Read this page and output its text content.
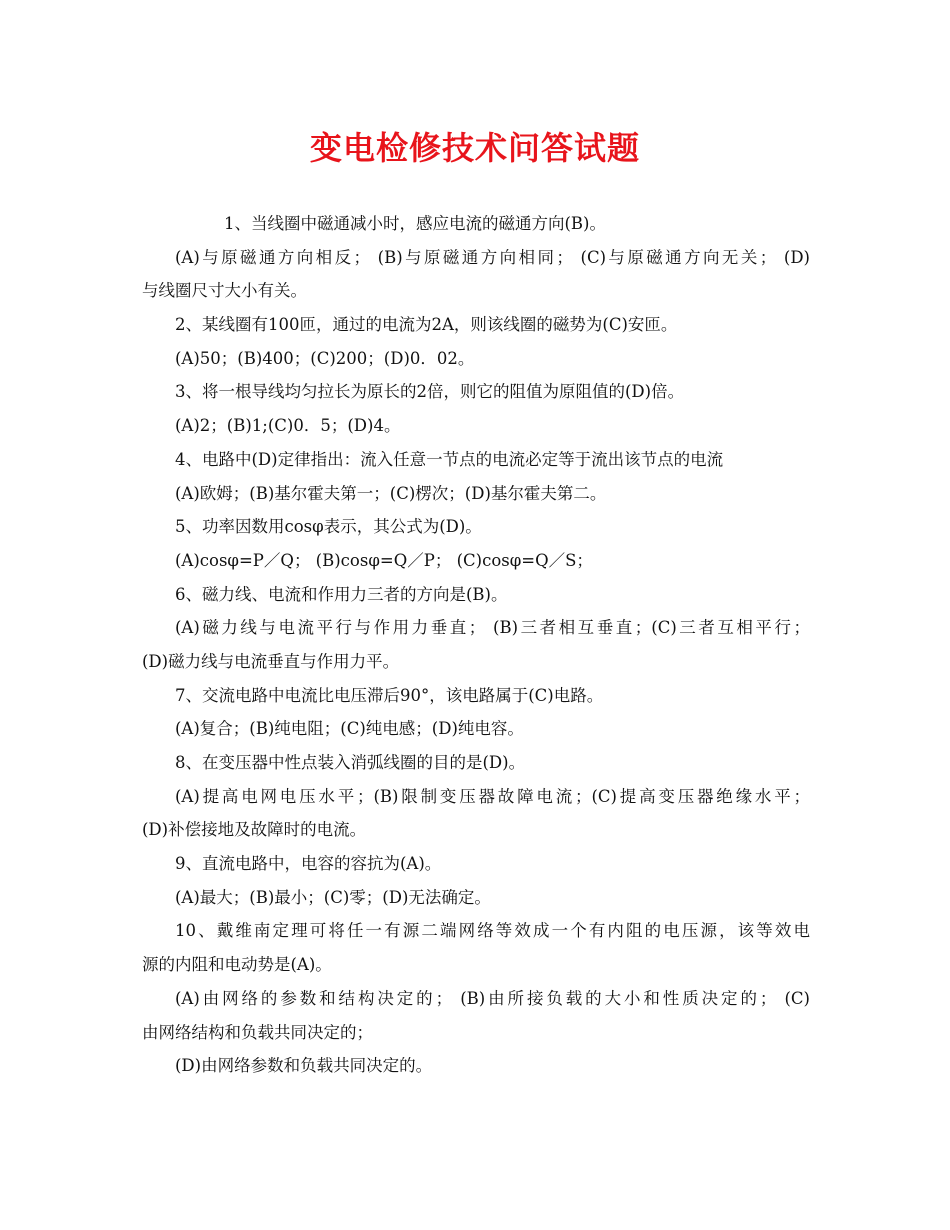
变电检修技术问答试题
1、当线圈中磁通减小时，感应电流的磁通方向(B)。
(A)与原磁通方向相反； (B)与原磁通方向相同； (C)与原磁通方向无关； (D)
与线圈尺寸大小有关。
2、某线圈有100匝，通过的电流为2A，则该线圈的磁势为(C)安匝。
(A)50；(B)400；(C)200；(D)0．02。
3、将一根导线均匀拉长为原长的2倍，则它的阻值为原阻值的(D)倍。
(A)2；(B)1;(C)0．5；(D)4。
4、电路中(D)定律指出：流入任意一节点的电流必定等于流出该节点的电流
(A)欧姆；(B)基尔霍夫第一；(C)楞次；(D)基尔霍夫第二。
5、功率因数用cosφ表示，其公式为(D)。
(A)cosφ=P／Q； (B)cosφ=Q／P； (C)cosφ=Q／S；
6、磁力线、电流和作用力三者的方向是(B)。
(A)磁力线与电流平行与作用力垂直； (B)三者相互垂直；(C)三者互相平行；
(D)磁力线与电流垂直与作用力平。
7、交流电路中电流比电压滞后90°，该电路属于(C)电路。
(A)复合；(B)纯电阻；(C)纯电感；(D)纯电容。
8、在变压器中性点装入消弧线圈的目的是(D)。
(A)提高电网电压水平；(B)限制变压器故障电流；(C)提高变压器绝缘水平；
(D)补偿接地及故障时的电流。
9、直流电路中，电容的容抗为(A)。
(A)最大；(B)最小；(C)零；(D)无法确定。
10、戴维南定理可将任一有源二端网络等效成一个有内阻的电压源，该等效电
源的内阻和电动势是(A)。
(A)由网络的参数和结构决定的； (B)由所接负载的大小和性质决定的； (C)
由网络结构和负载共同决定的；
(D)由网络参数和负载共同决定的。
